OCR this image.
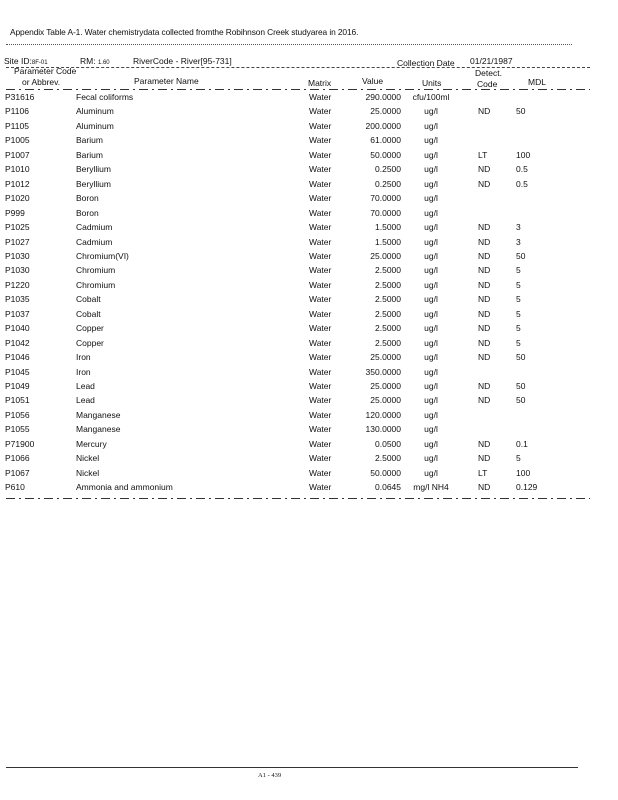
Appendix Table A-1. Water chemistrydata collected fromthe Robihnson Creek studyarea in 2016.
Site ID:8F-01	RM: 1.60	RiverCode - River[95-731]	Collection Date 01/21/1987
Parameter Code
or Abbrev.	Parameter Name	Matrix	Value	Units
Detect.
Code	MDL
P31616	Fecal coliforms	Water	290.0000 cfu/100ml
P1106	Aluminum	Water	25.0000	ug/l	ND	50
P1105	Aluminum	Water	200.0000	ug/l
P1005	Barium	Water	61.0000	ug/l
P1007	Barium	Water	50.0000	ug/l	LT	100
P1010	Beryllium	Water	0.2500	ug/l	ND	0.5
P1012	Beryllium	Water	0.2500	ug/l	ND	0.5
P1020	Boron	Water	70.0000	ug/l
P999	Boron	Water	70.0000	ug/l
P1025	Cadmium	Water	1.5000	ug/l	ND	3
P1027	Cadmium	Water	1.5000	ug/l	ND	3
P1030	Chromium(VI)	Water	25.0000	ug/l	ND	50
P1030	Chromium	Water	2.5000	ug/l	ND	5
P1220	Chromium	Water	2.5000	ug/l	ND	5
P1035	Cobalt	Water	2.5000	ug/l	ND	5
P1037	Cobalt	Water	2.5000	ug/l	ND	5
P1040	Copper	Water	2.5000	ug/l	ND	5
P1042	Copper	Water	2.5000	ug/l	ND	5
P1046	Iron	Water	25.0000	ug/l	ND	50
P1045	Iron	Water	350.0000	ug/l
P1049	Lead	Water	25.0000	ug/l	ND	50
P1051	Lead	Water	25.0000	ug/l	ND	50
P1056	Manganese	Water	120.0000	ug/l
P1055	Manganese	Water	130.0000	ug/l
P71900	Mercury	Water	0.0500	ug/l	ND	0.1
P1066	Nickel	Water	2.5000	ug/l	ND	5
P1067	Nickel	Water	50.0000	ug/l	LT	100
P610	Ammonia and ammonium	Water	0.0645 mg/l NH4	ND	0.129
A1 - 439
